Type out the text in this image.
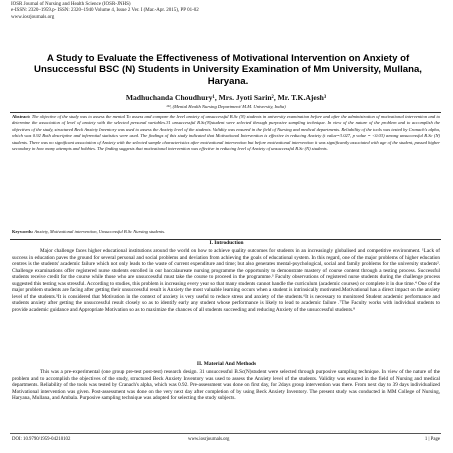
IOSR Journal of Nursing and Health Science (IOSR-JNHS)
e-ISSN: 2320–1959.p- ISSN: 2320–1940 Volume 4, Issue 2 Ver. I (Mar.-Apr. 2015), PP 01-02
www.iosrjournals.org
A Study to Evaluate the Effectiveness of Motivational Intervention on Anxiety of Unsuccessful BSC (N) Students in University Examination of Mm University, Mullana, Haryana.
Madhuchanda Choudhury¹, Mrs. Jyoti Sarin², Mr. T.K.Ajesh³
¹²³, (Mental Health Nursing Department/ M.M. University, India)
Abstract: The objective of the study was to assess the mental To assess and compare the level anxiety of unsuccessful B.Sc (N) students in university examination before and after the administration of motivational intervention and to determine the association of level of anxiety with the selected personal variables.31 unsuccessful B.Sc(N)student were selected through purposive sampling technique. In view of the nature of the problem and to accomplish the objectives of the study, structured Beck Anxiety Inventory was used to assess the Anxiety level of the students. Validity was ensured in the field of Nursing and medical departments. Reliability of the tools was tested by Cranach's alpha, which was 0.92 Both descriptive and inferential statistics were used. The findings of this study indicated that Motivational Intervention is effective in reducing Anxiety (t value=3.027, p value = <0.03) among unsuccessful B.Sc (N) students. There was no significant association of Anxiety with the selected sample characteristics after motivational intervention but before motivational intervention it was significantly associated with age of the student, passed higher secondary in how many attempts and hobbies. The finding suggests that motivational intervention was effective in reducing level of Anxiety of unsuccessful B.Sc (N) students.
Keywords: Anxiety, Motivational intervention, Unsuccessful B.Sc Nursing students.
I. Introduction
Major challenge faces higher educational institutions around the world on how to achieve quality outcomes for students in an increasingly globalised and competitive environment. ¹Lack of success in education paves the ground for several personal and social problems and deviation from achieving the goals of educational system. In this regard, one of the major problems of higher education centres is the students' academic failure which not only leads to the waste of current expenditure and time; but also generates mental-psychological, social and family problems for the university students². Challenge examinations offer registered nurse students enrolled in our baccalaureate nursing programme the opportunity to demonstrate mastery of course content through a testing process. Successful students receive credit for the course while those who are unsuccessful must take the course to proceed in the programme.³ Faculty observations of registered nurse students during the challenge process suggested this testing was stressful. According to studies, this problem is increasing every year so that many students cannot handle the curriculum (academic courses) or complete it in due time.⁴ One of the major problem students are facing after getting their unsuccessful result is Anxiety the most valuable learning occurs when a student is intrinsically motivated.Motivational has a direct impact on the anxiety level of the students.⁵It is considered that Motivation in the context of anxiety is very useful to reduce stress and anxiety of the students.⁶It is necessary to monitored Student academic performance and students anxiety after getting the unsuccessful result closely so as to identify early any student whose performance is likely to lead to academic failure .⁷The Faculty works with individual students to provide academic guidance and Appropriate Motivation so as to maximize the chances of all students succeeding and reducing Anxiety of the unsuccessful students.⁸
II. Material And Methods
This was a pre-experimental (one group pre-test post-test) research design. 31 unsuccessful B.Sc(N)student were selected through purposive sampling technique. In view of the nature of the problem and to accomplish the objectives of the study, structured Beck Anxiety Inventory was used to assess the Anxiety level of the students. Validity was ensured in the field of Nursing and medical departments. Reliability of the tools was tested by Cranach's alpha, which was 0.92. Pre-assessment was done on first day, for 2days group intervention was there. From next day to 39 days individualized Motivational intervention was given. Post-assessment was done on the very next day after completion of by using Beck Anxiety Inventory. The present study was conducted in MM College of Nursing, Haryana, Mullana, and Ambala. Purposive sampling technique was adopted for selecting the study subjects.
DOI: 10.9790/1959-04210102	www.iosrjournals.org	1 | Page
